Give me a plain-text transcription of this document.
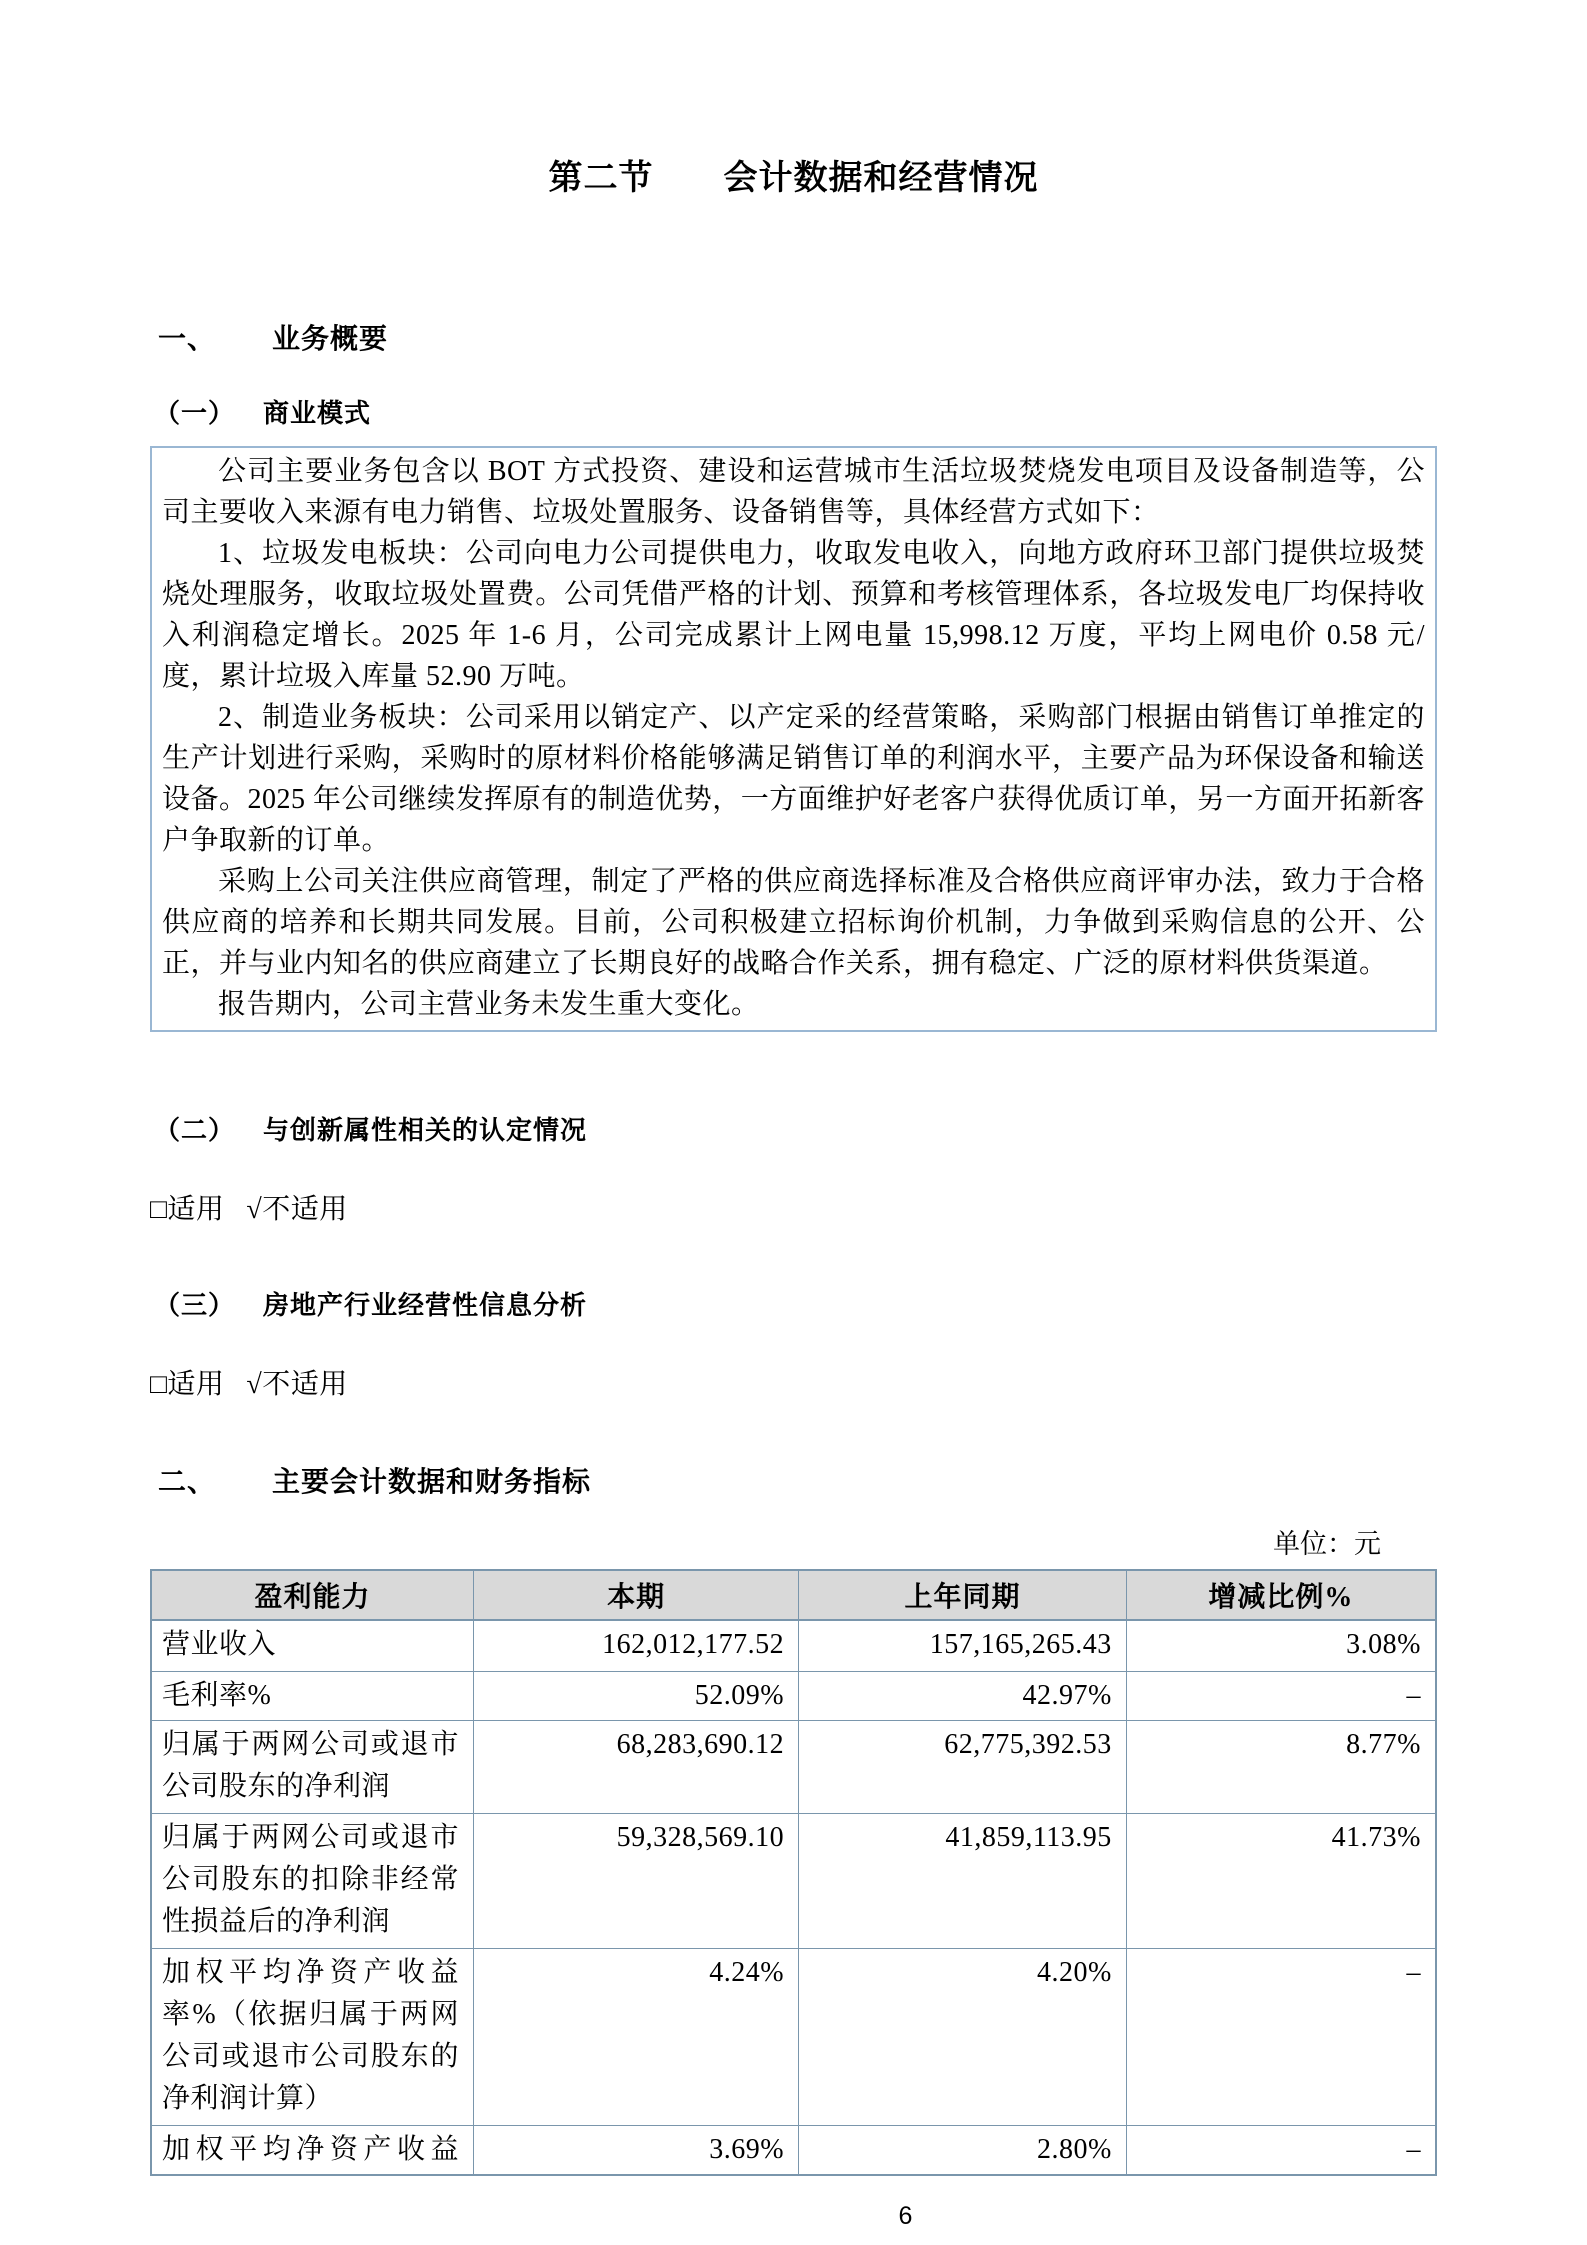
第二节　　会计数据和经营情况
一、 业务概要
（一） 商业模式

公司主要业务包含以 BOT 方式投资、建设和运营城市生活垃圾焚烧发电项目及设备制造等，公司主要收入来源有电力销售、垃圾处置服务、设备销售等，具体经营方式如下：

1、垃圾发电板块：公司向电力公司提供电力，收取发电收入，向地方政府环卫部门提供垃圾焚烧处理服务，收取垃圾处置费。公司凭借严格的计划、预算和考核管理体系，各垃圾发电厂均保持收入利润稳定增长。2025 年 1-6 月，公司完成累计上网电量 15,998.12 万度，平均上网电价 0.58 元/度，累计垃圾入库量 52.90 万吨。

2、制造业务板块：公司采用以销定产、以产定采的经营策略，采购部门根据由销售订单推定的生产计划进行采购，采购时的原材料价格能够满足销售订单的利润水平，主要产品为环保设备和输送设备。2025 年公司继续发挥原有的制造优势，一方面维护好老客户获得优质订单，另一方面开拓新客户争取新的订单。

采购上公司关注供应商管理，制定了严格的供应商选择标准及合格供应商评审办法，致力于合格供应商的培养和长期共同发展。目前，公司积极建立招标询价机制，力争做到采购信息的公开、公正，并与业内知名的供应商建立了长期良好的战略合作关系，拥有稳定、广泛的原材料供货渠道。

报告期内，公司主营业务未发生重大变化。

（二） 与创新属性相关的认定情况
□适用 √不适用
（三） 房地产行业经营性信息分析
□适用 √不适用
二、 主要会计数据和财务指标
单位：元
盈利能力	本期	上年同期	增减比例%
营业收入	162,012,177.52	157,165,265.43	3.08%
毛利率%	52.09%	42.97%	–
归属于两网公司或退市公司股东的净利润	68,283,690.12	62,775,392.53	8.77%
归属于两网公司或退市公司股东的扣除非经常性损益后的净利润	59,328,569.10	41,859,113.95	41.73%
加权平均净资产收益率%（依据归属于两网公司或退市公司股东的净利润计算）	4.24%	4.20%	–
加权平均净资产收益	3.69%	2.80%	–
6
